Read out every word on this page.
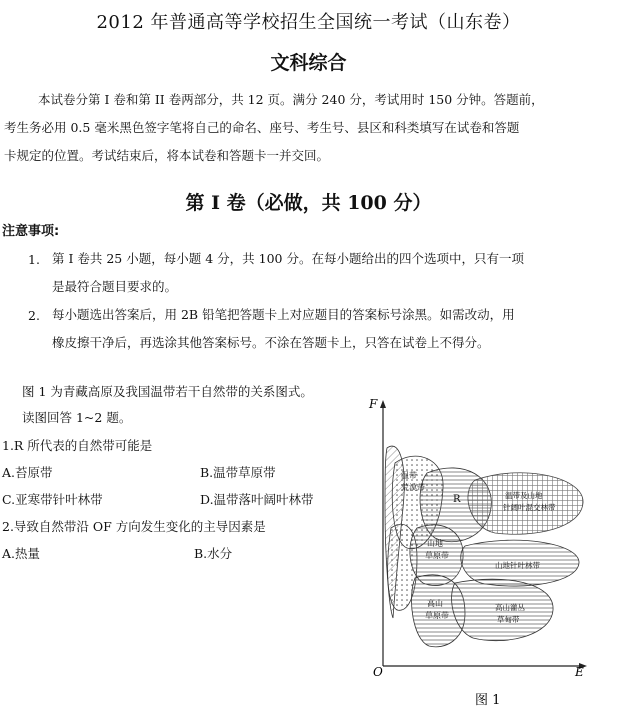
2012 年普通高等学校招生全国统一考试（山东卷）
文科综合
本试卷分第 I 卷和第 II 卷两部分，共 12 页。满分 240 分，考试用时 150 分钟。答题前，
考生务必用 0.5 毫米黑色签字笔将自己的命名、座号、考生号、县区和科类填写在试卷和答题
卡规定的位置。考试结束后，将本试卷和答题卡一并交回。
第 I 卷（必做，共 100 分）
注意事项:
1. 第 I 卷共 25 小题，每小题 4 分，共 100 分。在每小题给出的四个选项中，只有一项
是最符合题目要求的。
2. 每小题选出答案后，用 2B 铅笔把答题卡上对应题目的答案标号涂黑。如需改动，用
橡皮擦干净后，再选涂其他答案标号。不涂在答题卡上，只答在试卷上不得分。
图 1 为青藏高原及我国温带若干自然带的关系图式。
读图回答 1~2 题。
1.R 所代表的自然带可能是
A.苔原带	B.温带草原带
C.亚寒带针叶林带	D.温带落叶阔叶林带
2.导致自然带沿 OF 方向发生变化的主导因素是
A.热量	B.水分
F
O	E
温带
荒漠带
R	温带及山地
针阔叶混交林带
山地
草原带
山地针叶林带
高山
草原带
高山灌丛
草甸带
图 1
